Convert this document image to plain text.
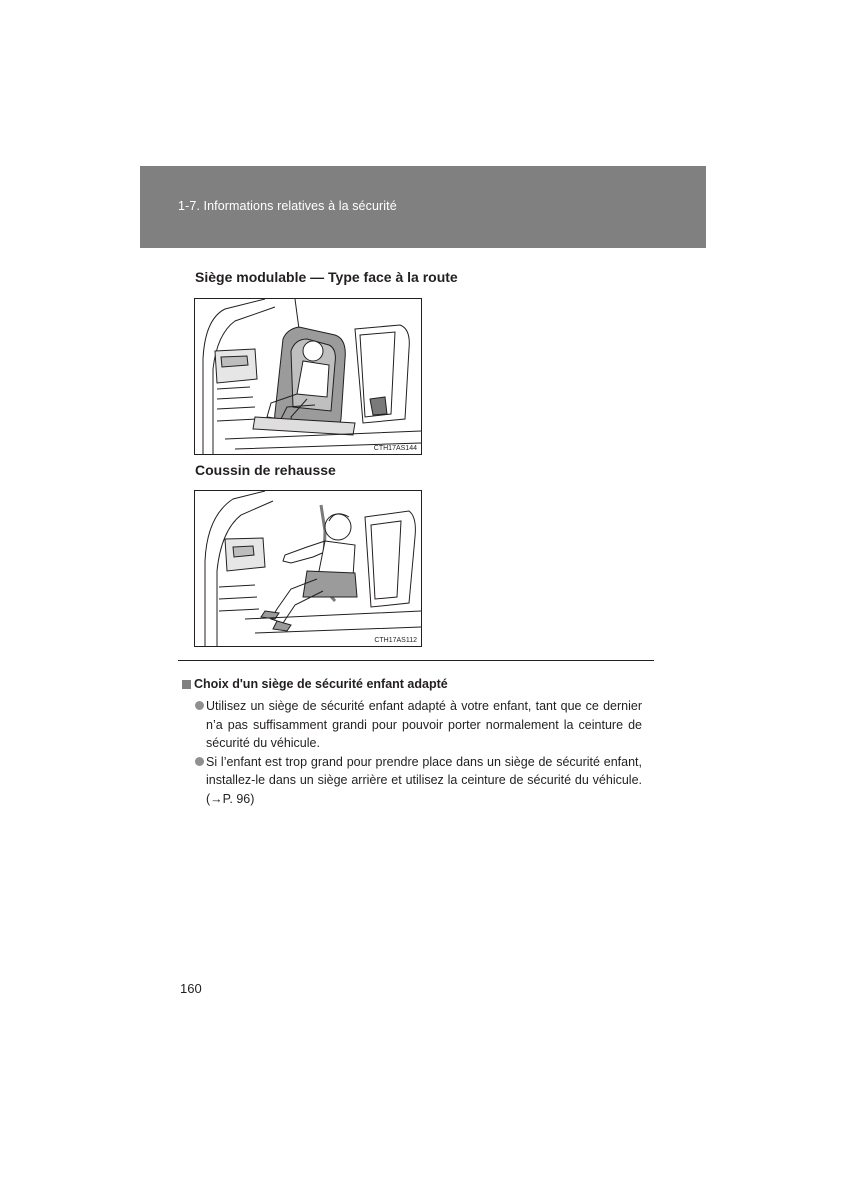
1-7. Informations relatives à la sécurité
Siège modulable — Type face à la route
CTH17AS144
Coussin de rehausse
CTH17AS112
Choix d'un siège de sécurité enfant adapté
Utilisez un siège de sécurité enfant adapté à votre enfant, tant que ce dernier n’a pas suffisamment grandi pour pouvoir porter normalement la ceinture de sécurité du véhicule.
Si l’enfant est trop grand pour prendre place dans un siège de sécurité enfant, installez-le dans un siège arrière et utilisez la ceinture de sécurité du véhicule. (→P. 96)
160
